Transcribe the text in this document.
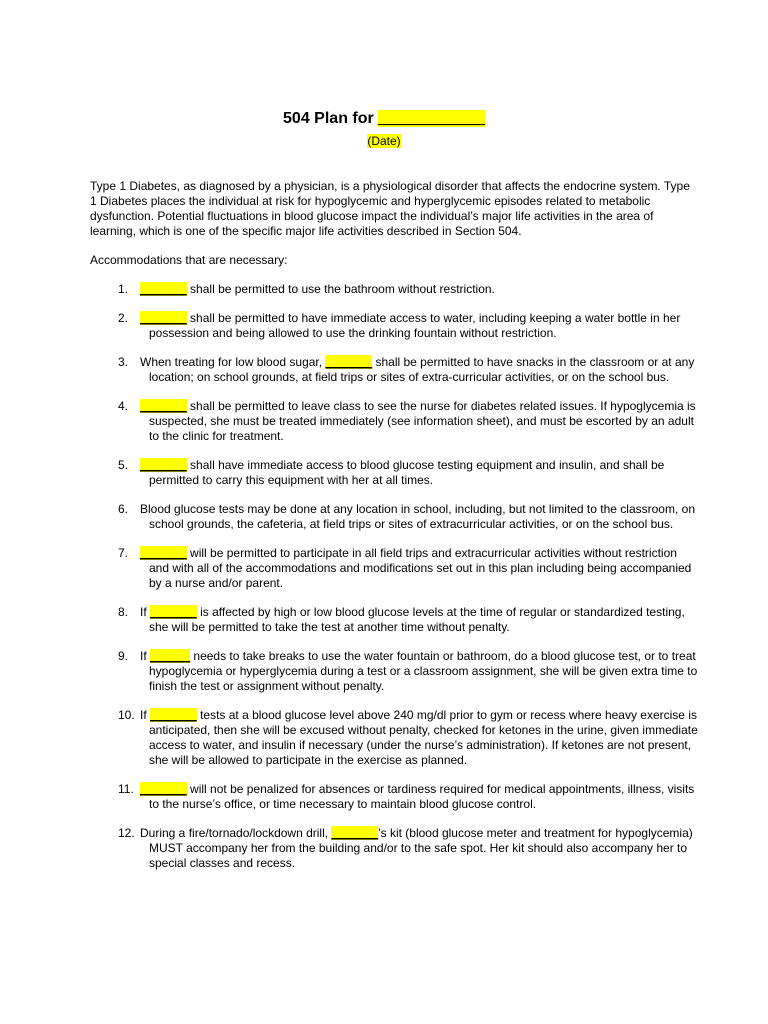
504 Plan for ____________
(Date)
Type 1 Diabetes, as diagnosed by a physician, is a physiological disorder that affects the endocrine system. Type 1 Diabetes places the individual at risk for hypoglycemic and hyperglycemic episodes related to metabolic dysfunction. Potential fluctuations in blood glucose impact the individual’s major life activities in the area of learning, which is one of the specific major life activities described in Section 504.
Accommodations that are necessary:
1. _______ shall be permitted to use the bathroom without restriction.
2. _______ shall be permitted to have immediate access to water, including keeping a water bottle in her possession and being allowed to use the drinking fountain without restriction.
3. When treating for low blood sugar, _______ shall be permitted to have snacks in the classroom or at any location; on school grounds, at field trips or sites of extra-curricular activities, or on the school bus.
4. _______ shall be permitted to leave class to see the nurse for diabetes related issues. If hypoglycemia is suspected, she must be treated immediately (see information sheet), and must be escorted by an adult to the clinic for treatment.
5. _______ shall have immediate access to blood glucose testing equipment and insulin, and shall be permitted to carry this equipment with her at all times.
6. Blood glucose tests may be done at any location in school, including, but not limited to the classroom, on school grounds, the cafeteria, at field trips or sites of extracurricular activities, or on the school bus.
7. _______ will be permitted to participate in all field trips and extracurricular activities without restriction and with all of the accommodations and modifications set out in this plan including being accompanied by a nurse and/or parent.
8. If _______ is affected by high or low blood glucose levels at the time of regular or standardized testing, she will be permitted to take the test at another time without penalty.
9. If ______ needs to take breaks to use the water fountain or bathroom, do a blood glucose test, or to treat hypoglycemia or hyperglycemia during a test or a classroom assignment, she will be given extra time to finish the test or assignment without penalty.
10. If _______ tests at a blood glucose level above 240 mg/dl prior to gym or recess where heavy exercise is anticipated, then she will be excused without penalty, checked for ketones in the urine, given immediate access to water, and insulin if necessary (under the nurse’s administration). If ketones are not present, she will be allowed to participate in the exercise as planned.
11. _______ will not be penalized for absences or tardiness required for medical appointments, illness, visits to the nurse’s office, or time necessary to maintain blood glucose control.
12. During a fire/tornado/lockdown drill, _______’s kit (blood glucose meter and treatment for hypoglycemia) MUST accompany her from the building and/or to the safe spot. Her kit should also accompany her to special classes and recess.
